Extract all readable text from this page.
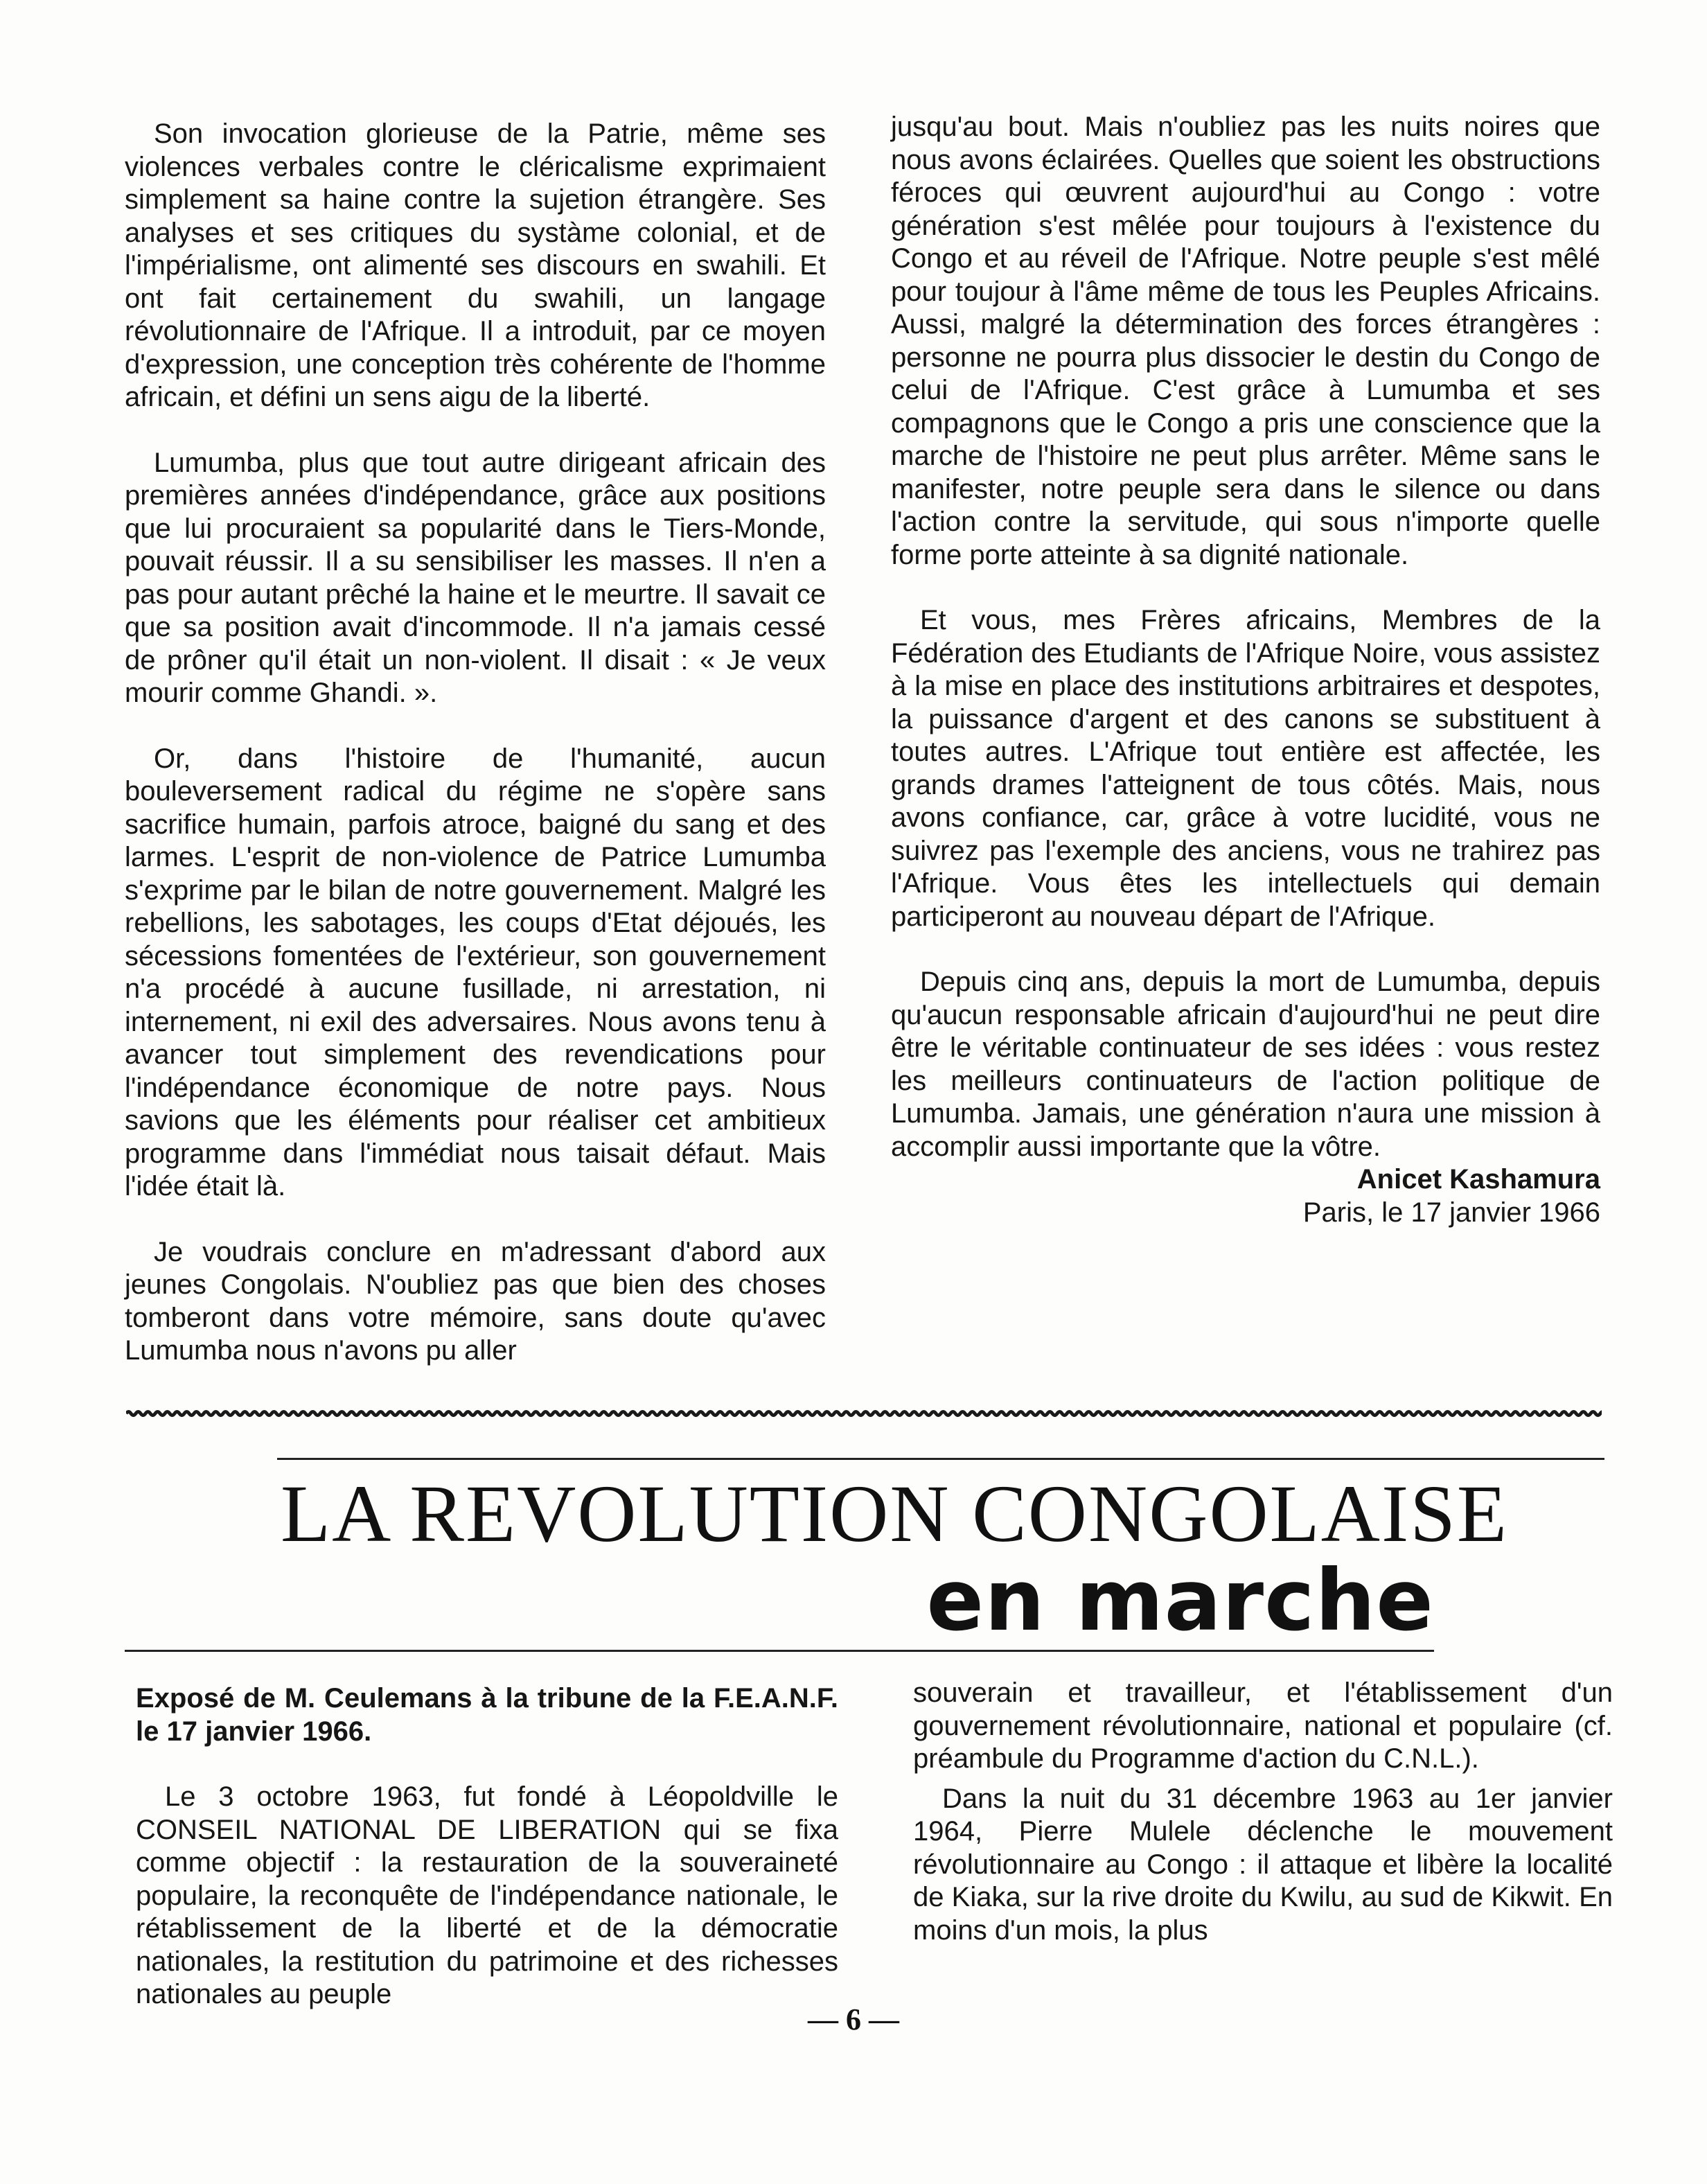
Son invocation glorieuse de la Patrie, même ses violences verbales contre le cléricalisme exprimaient simplement sa haine contre la sujetion étrangère. Ses analyses et ses critiques du systàme colonial, et de l'impérialisme, ont alimenté ses discours en swahili. Et ont fait certainement du swahili, un langage révolutionnaire de l'Afrique. Il a introduit, par ce moyen d'expression, une conception très cohérente de l'homme africain, et défini un sens aigu de la liberté.

Lumumba, plus que tout autre dirigeant africain des premières années d'indépendance, grâce aux positions que lui procuraient sa popularité dans le Tiers-Monde, pouvait réussir. Il a su sensibiliser les masses. Il n'en a pas pour autant prêché la haine et le meurtre. Il savait ce que sa position avait d'incommode. Il n'a jamais cessé de prôner qu'il était un non-violent. Il disait : « Je veux mourir comme Ghandi. ».

Or, dans l'histoire de l'humanité, aucun bouleversement radical du régime ne s'opère sans sacrifice humain, parfois atroce, baigné du sang et des larmes. L'esprit de non-violence de Patrice Lumumba s'exprime par le bilan de notre gouvernement. Malgré les rebellions, les sabotages, les coups d'Etat déjoués, les sécessions fomentées de l'extérieur, son gouvernement n'a procédé à aucune fusillade, ni arrestation, ni internement, ni exil des adversaires. Nous avons tenu à avancer tout simplement des revendications pour l'indépendance économique de notre pays. Nous savions que les éléments pour réaliser cet ambitieux programme dans l'immédiat nous taisait défaut. Mais l'idée était là.

Je voudrais conclure en m'adressant d'abord aux jeunes Congolais. N'oubliez pas que bien des choses tomberont dans votre mémoire, sans doute qu'avec Lumumba nous n'avons pu aller

jusqu'au bout. Mais n'oubliez pas les nuits noires que nous avons éclairées. Quelles que soient les obstructions féroces qui œuvrent aujourd'hui au Congo : votre génération s'est mêlée pour toujours à l'existence du Congo et au réveil de l'Afrique. Notre peuple s'est mêlé pour toujour à l'âme même de tous les Peuples Africains. Aussi, malgré la détermination des forces étrangères : personne ne pourra plus dissocier le destin du Congo de celui de l'Afrique. C'est grâce à Lumumba et ses compagnons que le Congo a pris une conscience que la marche de l'histoire ne peut plus arrêter. Même sans le manifester, notre peuple sera dans le silence ou dans l'action contre la servitude, qui sous n'importe quelle forme porte atteinte à sa dignité nationale.

Et vous, mes Frères africains, Membres de la Fédération des Etudiants de l'Afrique Noire, vous assistez à la mise en place des institutions arbitraires et despotes, la puissance d'argent et des canons se substituent à toutes autres. L'Afrique tout entière est affectée, les grands drames l'atteignent de tous côtés. Mais, nous avons confiance, car, grâce à votre lucidité, vous ne suivrez pas l'exemple des anciens, vous ne trahirez pas l'Afrique. Vous êtes les intellectuels qui demain participeront au nouveau départ de l'Afrique.

Depuis cinq ans, depuis la mort de Lumumba, depuis qu'aucun responsable africain d'aujourd'hui ne peut dire être le véritable continuateur de ses idées : vous restez les meilleurs continuateurs de l'action politique de Lumumba. Jamais, une génération n'aura une mission à accomplir aussi importante que la vôtre.

Anicet Kashamura

Paris, le 17 janvier 1966

LA REVOLUTION CONGOLAISE
en marche

Exposé de M. Ceulemans à la tribune de la F.E.A.N.F. le 17 janvier 1966.

Le 3 octobre 1963, fut fondé à Léopoldville le CONSEIL NATIONAL DE LIBERATION qui se fixa comme objectif : la restauration de la souveraineté populaire, la reconquête de l'indépendance nationale, le rétablissement de la liberté et de la démocratie nationales, la restitution du patrimoine et des richesses nationales au peuple

souverain et travailleur, et l'établissement d'un gouvernement révolutionnaire, national et populaire (cf. préambule du Programme d'action du C.N.L.).

Dans la nuit du 31 décembre 1963 au 1er janvier 1964, Pierre Mulele déclenche le mouvement révolutionnaire au Congo : il attaque et libère la localité de Kiaka, sur la rive droite du Kwilu, au sud de Kikwit. En moins d'un mois, la plus

— 6 —
